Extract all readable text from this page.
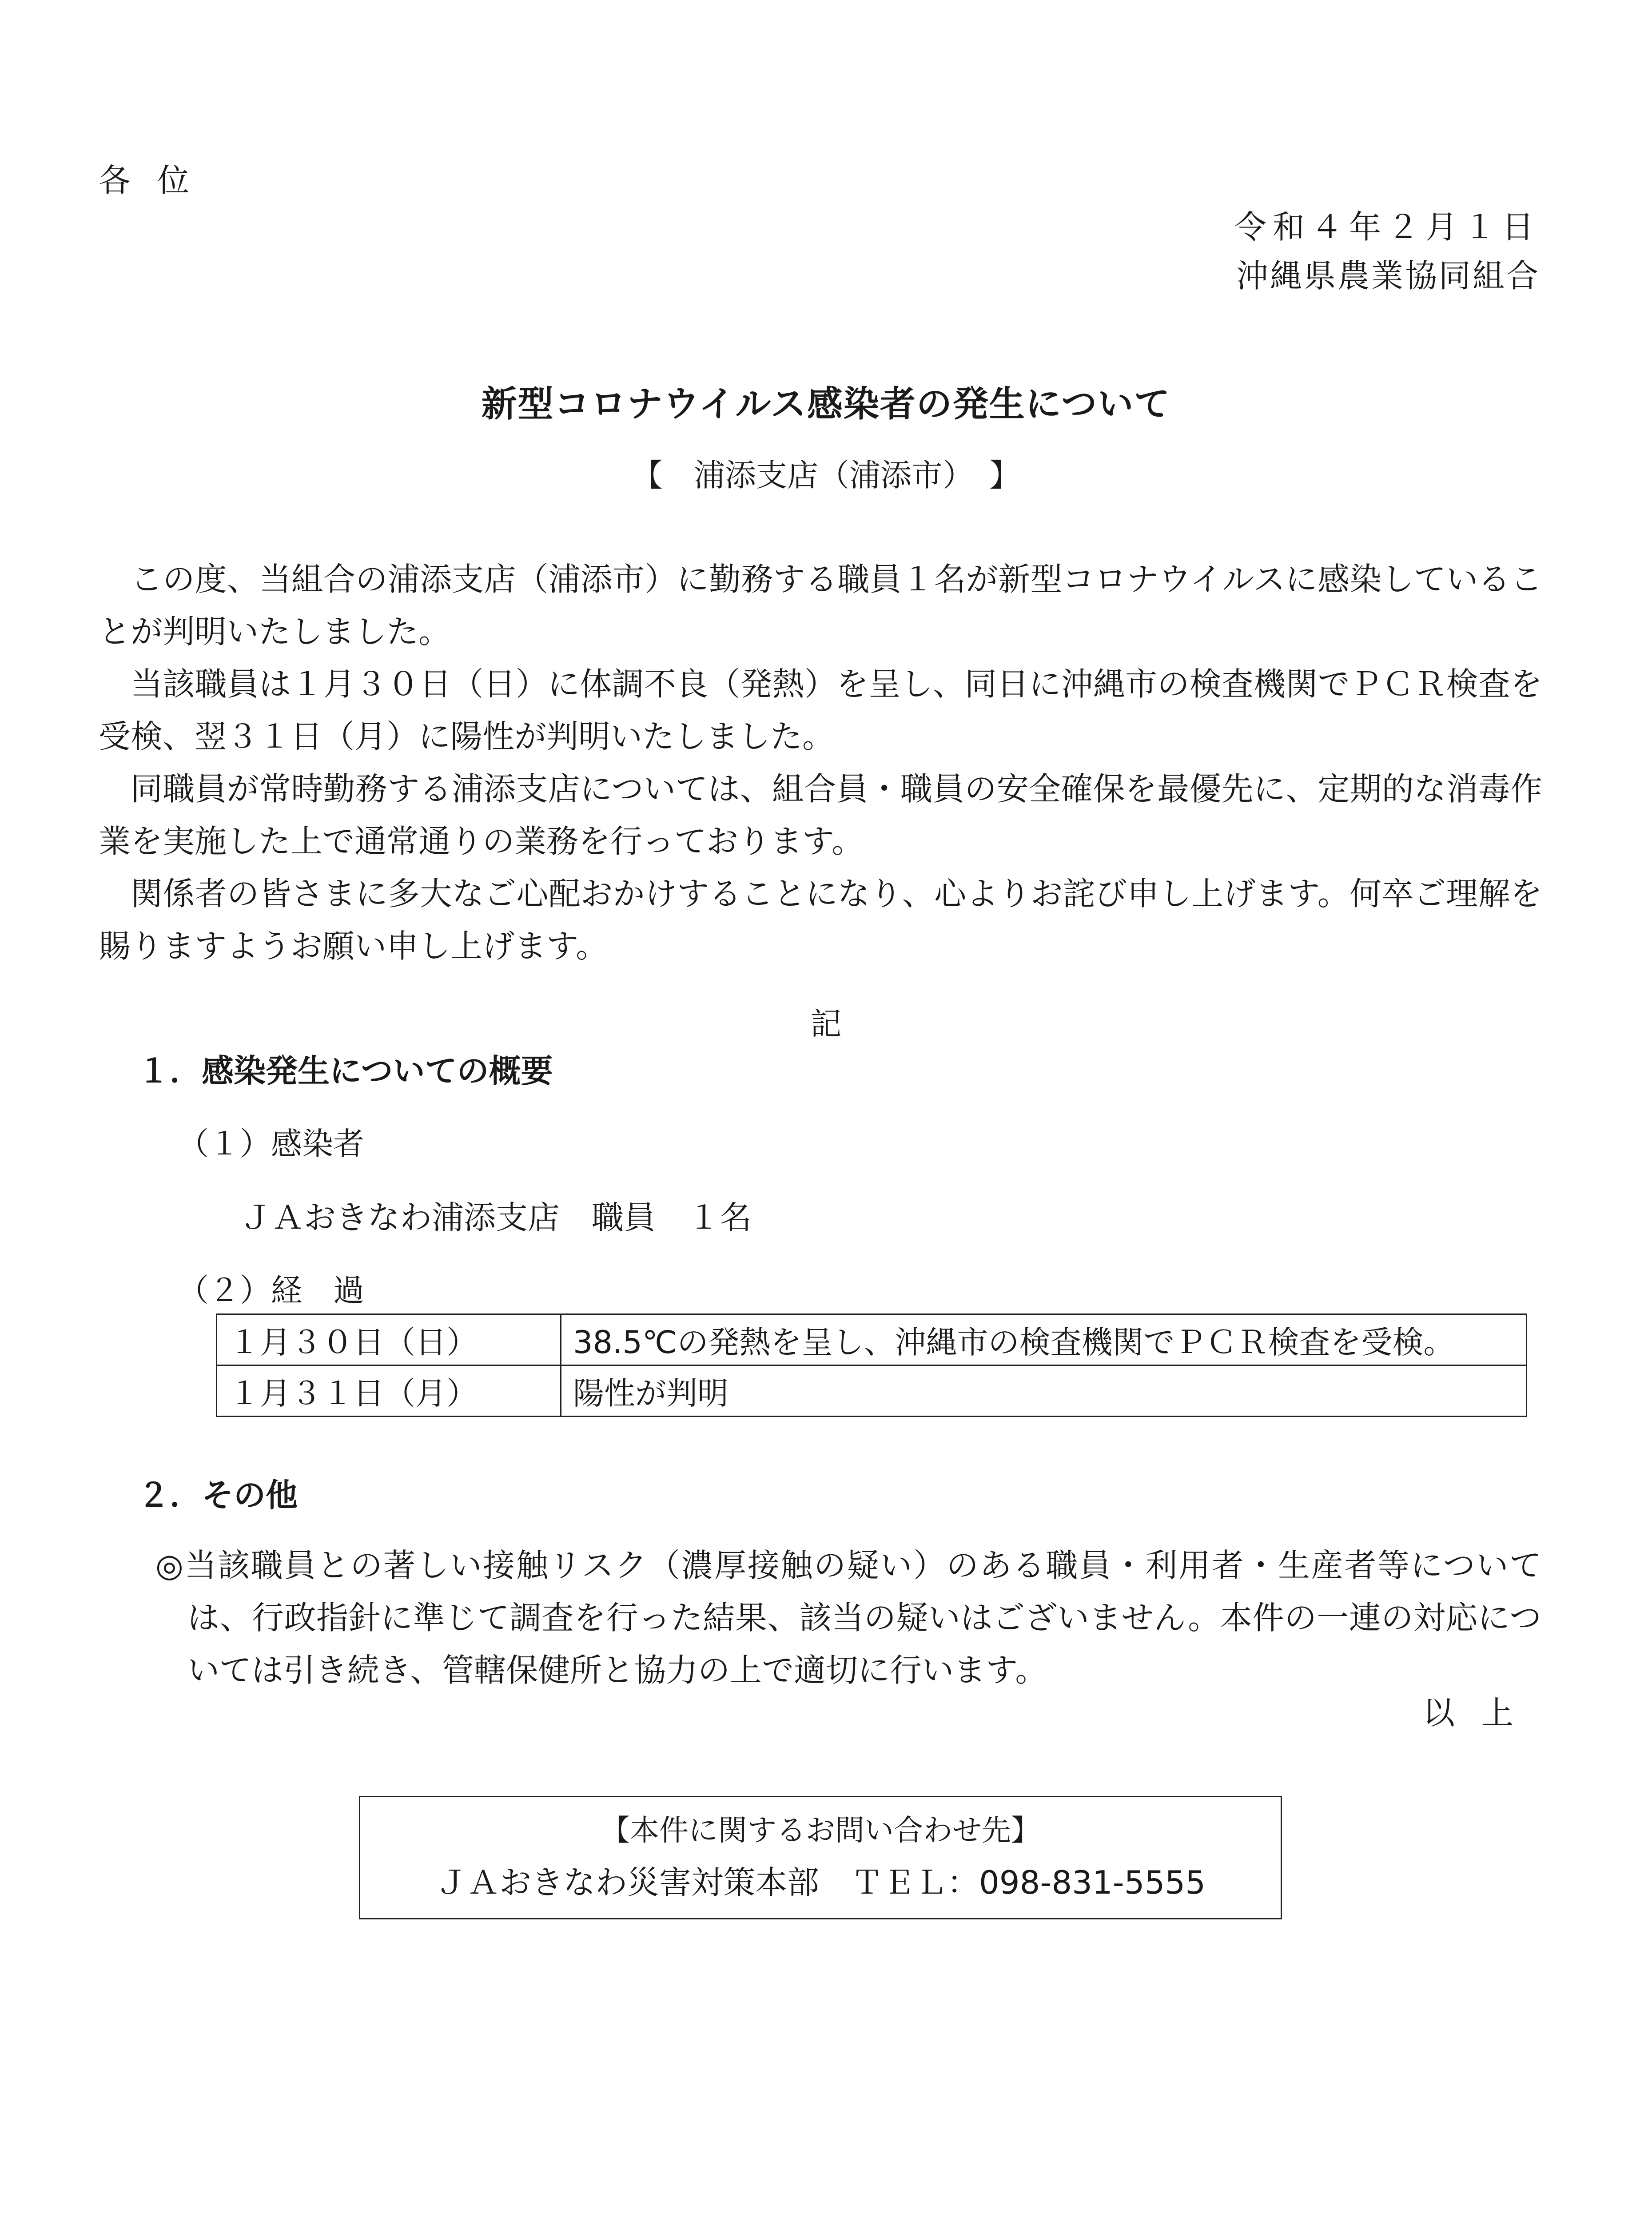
各位
令和４年２月１日
沖縄県農業協同組合
新型コロナウイルス感染者の発生について
【　浦添支店（浦添市）　】

この度、当組合の浦添支店（浦添市）に勤務する職員１名が新型コロナウイルスに感染していることが判明いたしました。

当該職員は１月３０日（日）に体調不良（発熱）を呈し、同日に沖縄市の検査機関でＰＣＲ検査を受検、翌３１日（月）に陽性が判明いたしました。

同職員が常時勤務する浦添支店については、組合員・職員の安全確保を最優先に、定期的な消毒作業を実施した上で通常通りの業務を行っております。

関係者の皆さまに多大なご心配おかけすることになり、心よりお詫び申し上げます。何卒ご理解を賜りますようお願い申し上げます。

記
１．感染発生についての概要
（１）感染者
ＪＡおきなわ浦添支店　職員　１名
（２）経　過
１月３０日（日）	38.5℃の発熱を呈し、沖縄市の検査機関でＰＣＲ検査を受検。
１月３１日（月）	陽性が判明
２．その他

◎当該職員との著しい接触リスク（濃厚接触の疑い）のある職員・利用者・生産者等については、行政指針に準じて調査を行った結果、該当の疑いはございません。本件の一連の対応については引き続き、管轄保健所と協力の上で適切に行います。

以上
【本件に関するお問い合わせ先】
ＪＡおきなわ災害対策本部　ＴＥＬ：098-831-5555
